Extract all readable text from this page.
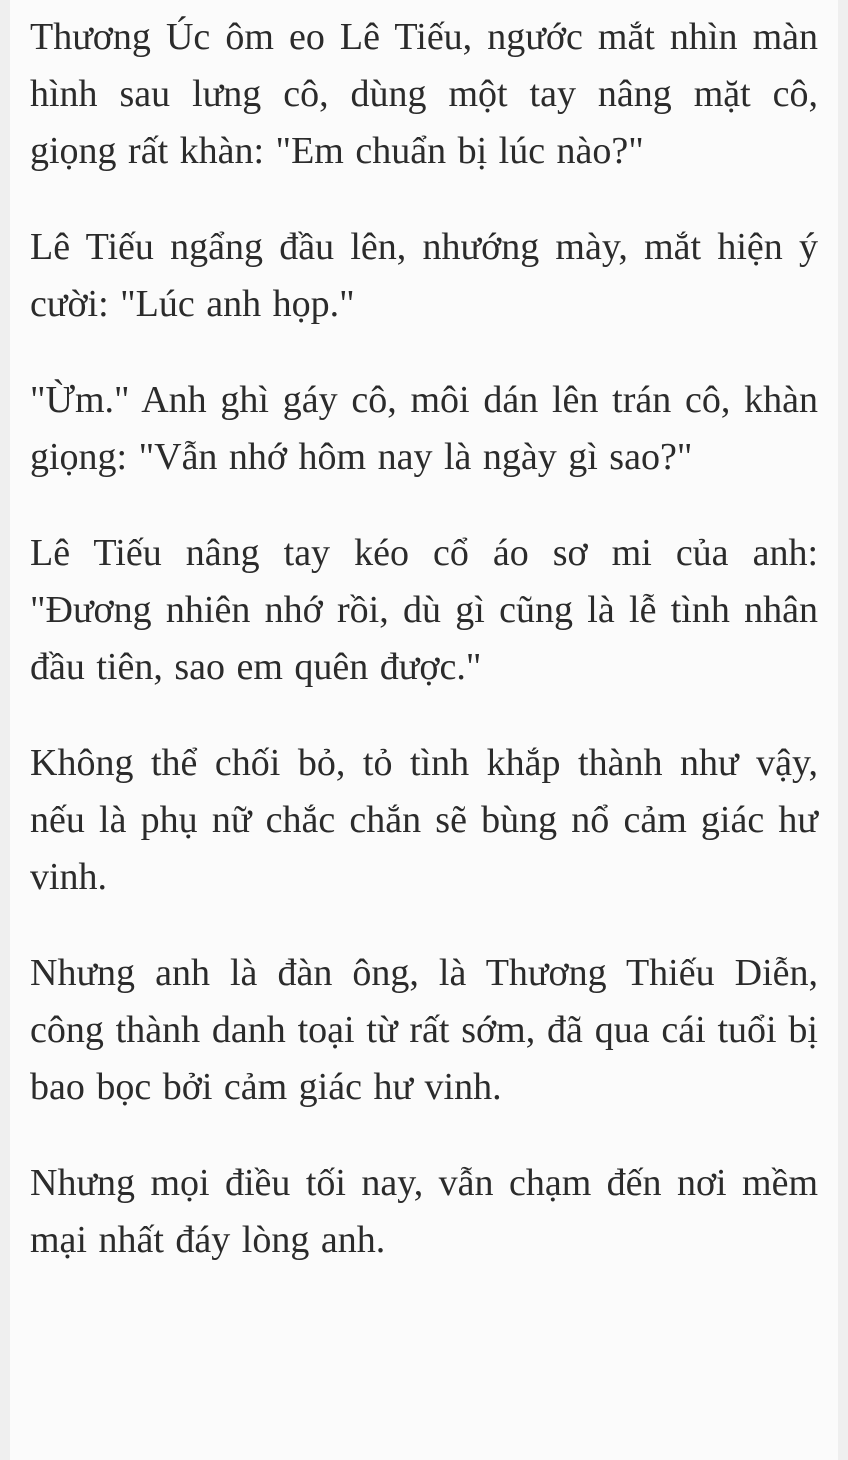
Thương Úc ôm eo Lê Tiếu, ngước mắt nhìn màn hình sau lưng cô, dùng một tay nâng mặt cô, giọng rất khàn: "Em chuẩn bị lúc nào?"

Lê Tiếu ngẩng đầu lên, nhướng mày, mắt hiện ý cười: "Lúc anh họp."

"Ừm." Anh ghì gáy cô, môi dán lên trán cô, khàn giọng: "Vẫn nhớ hôm nay là ngày gì sao?"

Lê Tiếu nâng tay kéo cổ áo sơ mi của anh: "Đương nhiên nhớ rồi, dù gì cũng là lễ tình nhân đầu tiên, sao em quên được."

Không thể chối bỏ, tỏ tình khắp thành như vậy, nếu là phụ nữ chắc chắn sẽ bùng nổ cảm giác hư vinh.

Nhưng anh là đàn ông, là Thương Thiếu Diễn, công thành danh toại từ rất sớm, đã qua cái tuổi bị bao bọc bởi cảm giác hư vinh.

Nhưng mọi điều tối nay, vẫn chạm đến nơi mềm mại nhất đáy lòng anh.
